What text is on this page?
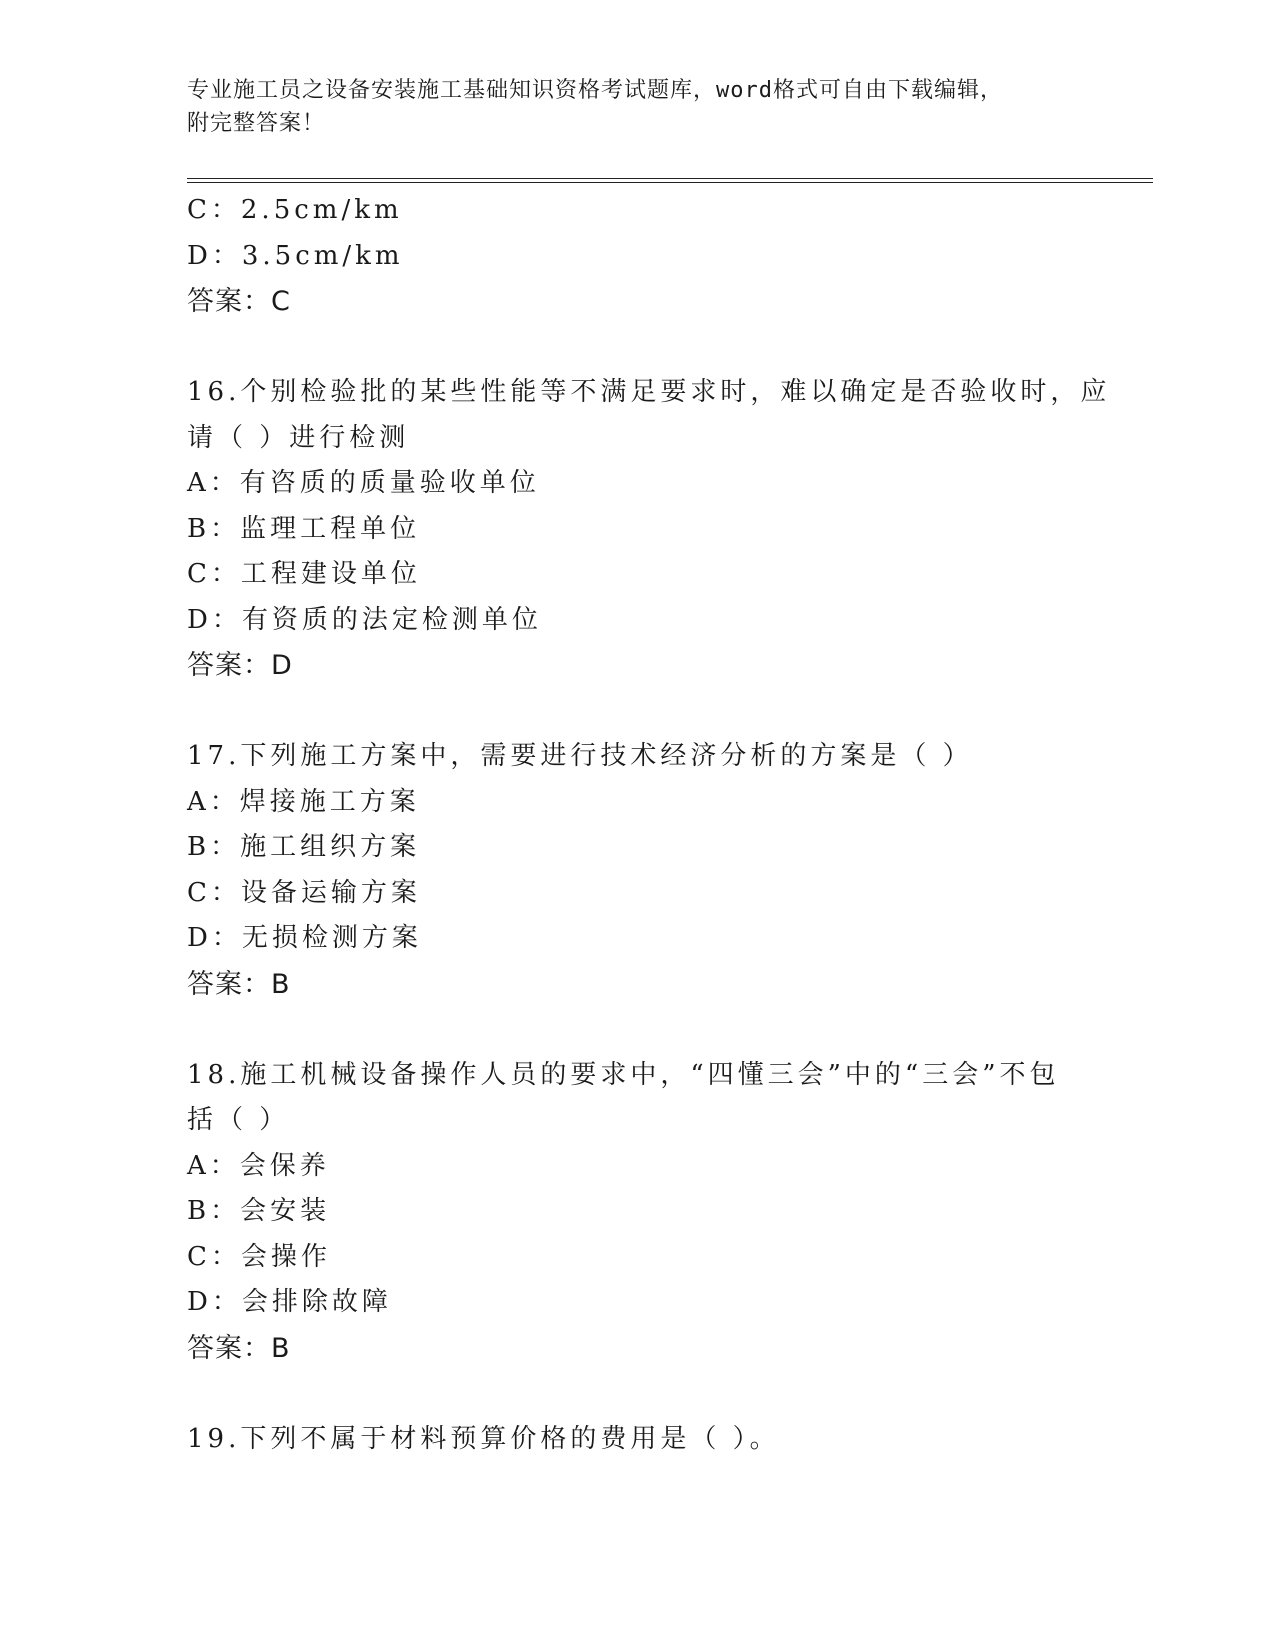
专业施工员之设备安装施工基础知识资格考试题库，word格式可自由下载编辑，
附完整答案！
C：2.5cm/km
D：3.5cm/km
答案：C
16.个别检验批的某些性能等不满足要求时，难以确定是否验收时，应
请（ ）进行检测
A：有咨质的质量验收单位
B：监理工程单位
C：工程建设单位
D：有资质的法定检测单位
答案：D
17.下列施工方案中，需要进行技术经济分析的方案是（ ）
A：焊接施工方案
B：施工组织方案
C：设备运输方案
D：无损检测方案
答案：B
18.施工机械设备操作人员的要求中，“四懂三会”中的“三会”不包
括（ ）
A：会保养
B：会安装
C：会操作
D：会排除故障
答案：B
19.下列不属于材料预算价格的费用是（ ）。
